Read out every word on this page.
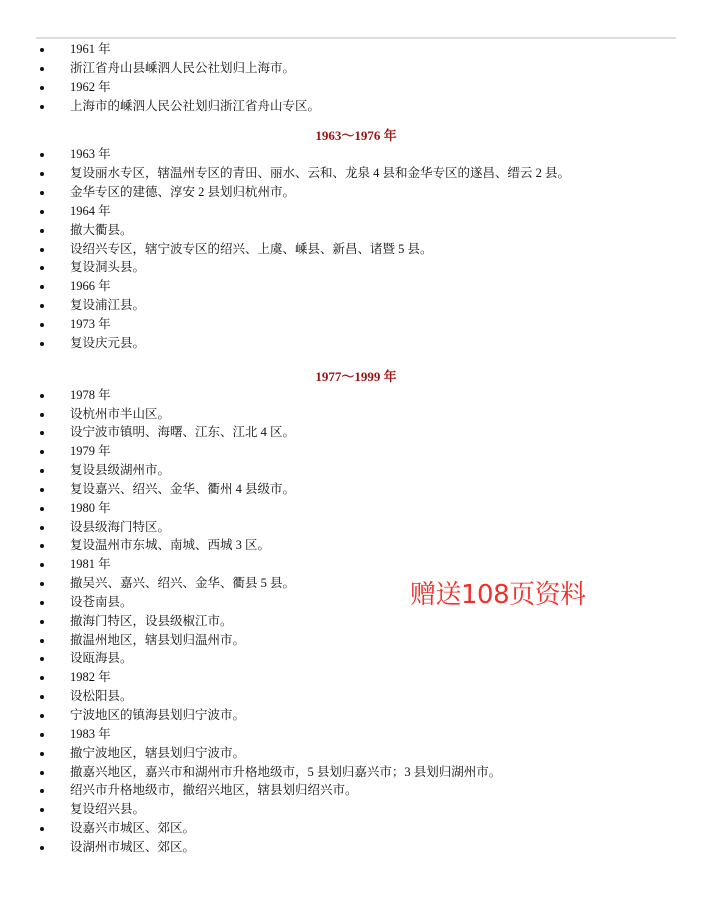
1961 年
浙江省舟山县嵊泗人民公社划归上海市。
1962 年
上海市的嵊泗人民公社划归浙江省舟山专区。
1963～1976 年
1963 年
复设丽水专区，辖温州专区的青田、丽水、云和、龙泉 4 县和金华专区的遂昌、缙云 2 县。
金华专区的建德、淳安 2 县划归杭州市。
1964 年
撤大衢县。
设绍兴专区，辖宁波专区的绍兴、上虞、嵊县、新昌、诸暨 5 县。
复设洞头县。
1966 年
复设浦江县。
1973 年
复设庆元县。
1977～1999 年
1978 年
设杭州市半山区。
设宁波市镇明、海曙、江东、江北 4 区。
1979 年
复设县级湖州市。
复设嘉兴、绍兴、金华、衢州 4 县级市。
1980 年
设县级海门特区。
复设温州市东城、南城、西城 3 区。
1981 年
撤吴兴、嘉兴、绍兴、金华、衢县 5 县。
设苍南县。
撤海门特区，设县级椒江市。
撤温州地区，辖县划归温州市。
设瓯海县。
1982 年
设松阳县。
宁波地区的镇海县划归宁波市。
1983 年
撤宁波地区，辖县划归宁波市。
撤嘉兴地区，嘉兴市和湖州市升格地级市，5 县划归嘉兴市；3 县划归湖州市。
绍兴市升格地级市，撤绍兴地区，辖县划归绍兴市。
复设绍兴县。
设嘉兴市城区、郊区。
设湖州市城区、郊区。
赠送108页资料
